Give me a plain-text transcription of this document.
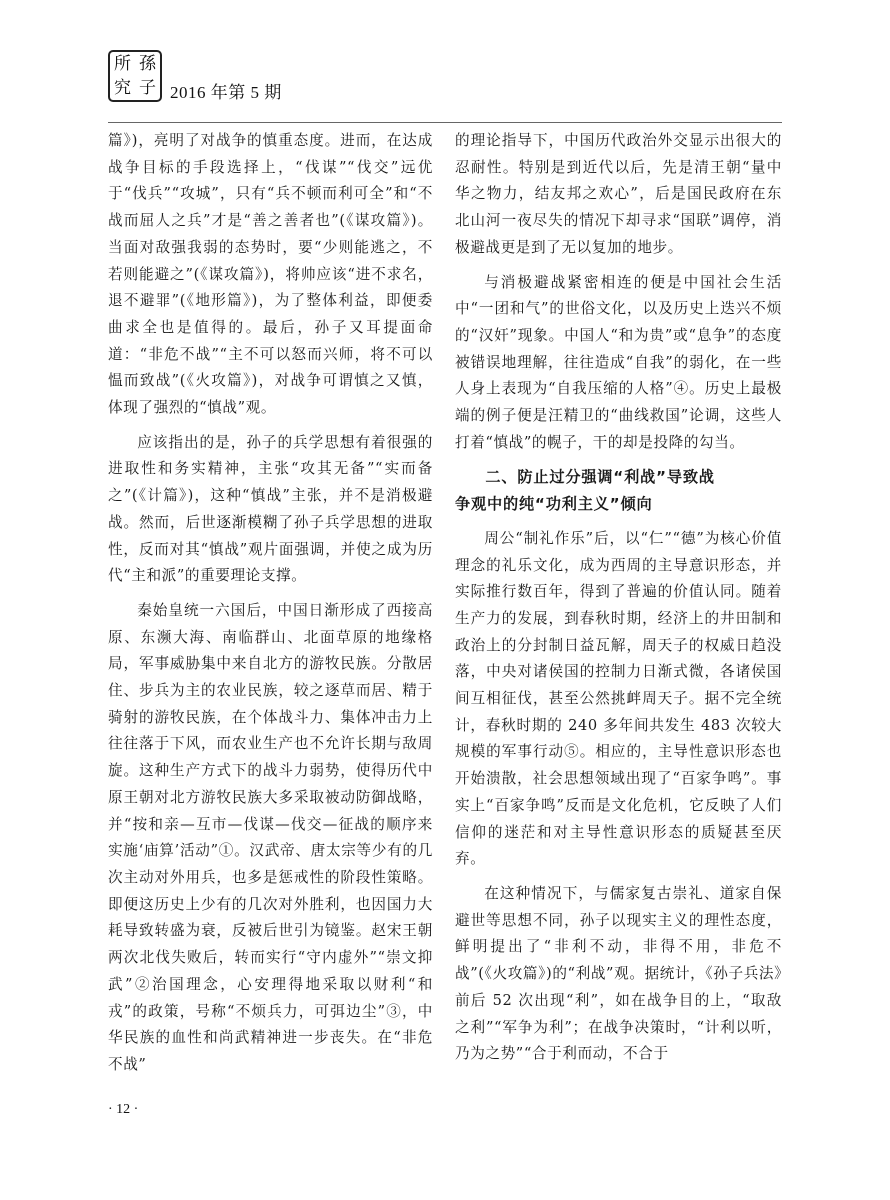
所 孫
究 子 2016 年第 5 期

篇》)，亮明了对战争的慎重态度。进而，在达成战争目标的手段选择上，“伐谋”“伐交”远优于“伐兵”“攻城”，只有“兵不顿而利可全”和“不战而屈人之兵”才是“善之善者也”(《谋攻篇》)。当面对敌强我弱的态势时，要“少则能逃之，不若则能避之”(《谋攻篇》)，将帅应该“进不求名，退不避罪”(《地形篇》)，为了整体利益，即便委曲求全也是值得的。最后，孙子又耳提面命道：“非危不战”“主不可以怒而兴师，将不可以愠而致战”(《火攻篇》)，对战争可谓慎之又慎，体现了强烈的“慎战”观。

应该指出的是，孙子的兵学思想有着很强的进取性和务实精神，主张“攻其无备”“实而备之”(《计篇》)，这种“慎战”主张，并不是消极避战。然而，后世逐渐模糊了孙子兵学思想的进取性，反而对其“慎战”观片面强调，并使之成为历代“主和派”的重要理论支撑。

秦始皇统一六国后，中国日渐形成了西接高原、东濒大海、南临群山、北面草原的地缘格局，军事威胁集中来自北方的游牧民族。分散居住、步兵为主的农业民族，较之逐草而居、精于骑射的游牧民族，在个体战斗力、集体冲击力上往往落于下风，而农业生产也不允许长期与敌周旋。这种生产方式下的战斗力弱势，使得历代中原王朝对北方游牧民族大多采取被动防御战略，并“按和亲—互市—伐谋—伐交—征战的顺序来实施‘庙算’活动”①。汉武帝、唐太宗等少有的几次主动对外用兵，也多是惩戒性的阶段性策略。即便这历史上少有的几次对外胜利，也因国力大耗导致转盛为衰，反被后世引为镜鉴。赵宋王朝两次北伐失败后，转而实行“守内虚外”“崇文抑武”②治国理念，心安理得地采取以财利“和戎”的政策，号称“不烦兵力，可弭边尘”③，中华民族的血性和尚武精神进一步丧失。在“非危不战”

的理论指导下，中国历代政治外交显示出很大的忍耐性。特别是到近代以后，先是清王朝“量中华之物力，结友邦之欢心”，后是国民政府在东北山河一夜尽失的情况下却寻求“国联”调停，消极避战更是到了无以复加的地步。

与消极避战紧密相连的便是中国社会生活中“一团和气”的世俗文化，以及历史上迭兴不烦的“汉奸”现象。中国人“和为贵”或“息争”的态度被错误地理解，往往造成“自我”的弱化，在一些人身上表现为“自我压缩的人格”④。历史上最极端的例子便是汪精卫的“曲线救国”论调，这些人打着“慎战”的幌子，干的却是投降的勾当。

二、防止过分强调“利战”导致战
争观中的纯“功利主义”倾向

周公“制礼作乐”后，以“仁”“德”为核心价值理念的礼乐文化，成为西周的主导意识形态，并实际推行数百年，得到了普遍的价值认同。随着生产力的发展，到春秋时期，经济上的井田制和政治上的分封制日益瓦解，周天子的权威日趋没落，中央对诸侯国的控制力日渐式微，各诸侯国间互相征伐，甚至公然挑衅周天子。据不完全统计，春秋时期的 240 多年间共发生 483 次较大规模的军事行动⑤。相应的，主导性意识形态也开始溃散，社会思想领域出现了“百家争鸣”。事实上“百家争鸣”反而是文化危机，它反映了人们信仰的迷茫和对主导性意识形态的质疑甚至厌弃。

在这种情况下，与儒家复古崇礼、道家自保避世等思想不同，孙子以现实主义的理性态度，鲜明提出了“非利不动，非得不用，非危不战”(《火攻篇》)的“利战”观。据统计，《孙子兵法》前后 52 次出现“利”，如在战争目的上，“取敌之利”“军争为利”；在战争决策时，“计利以听，乃为之势”“合于利而动，不合于

· 12 ·
